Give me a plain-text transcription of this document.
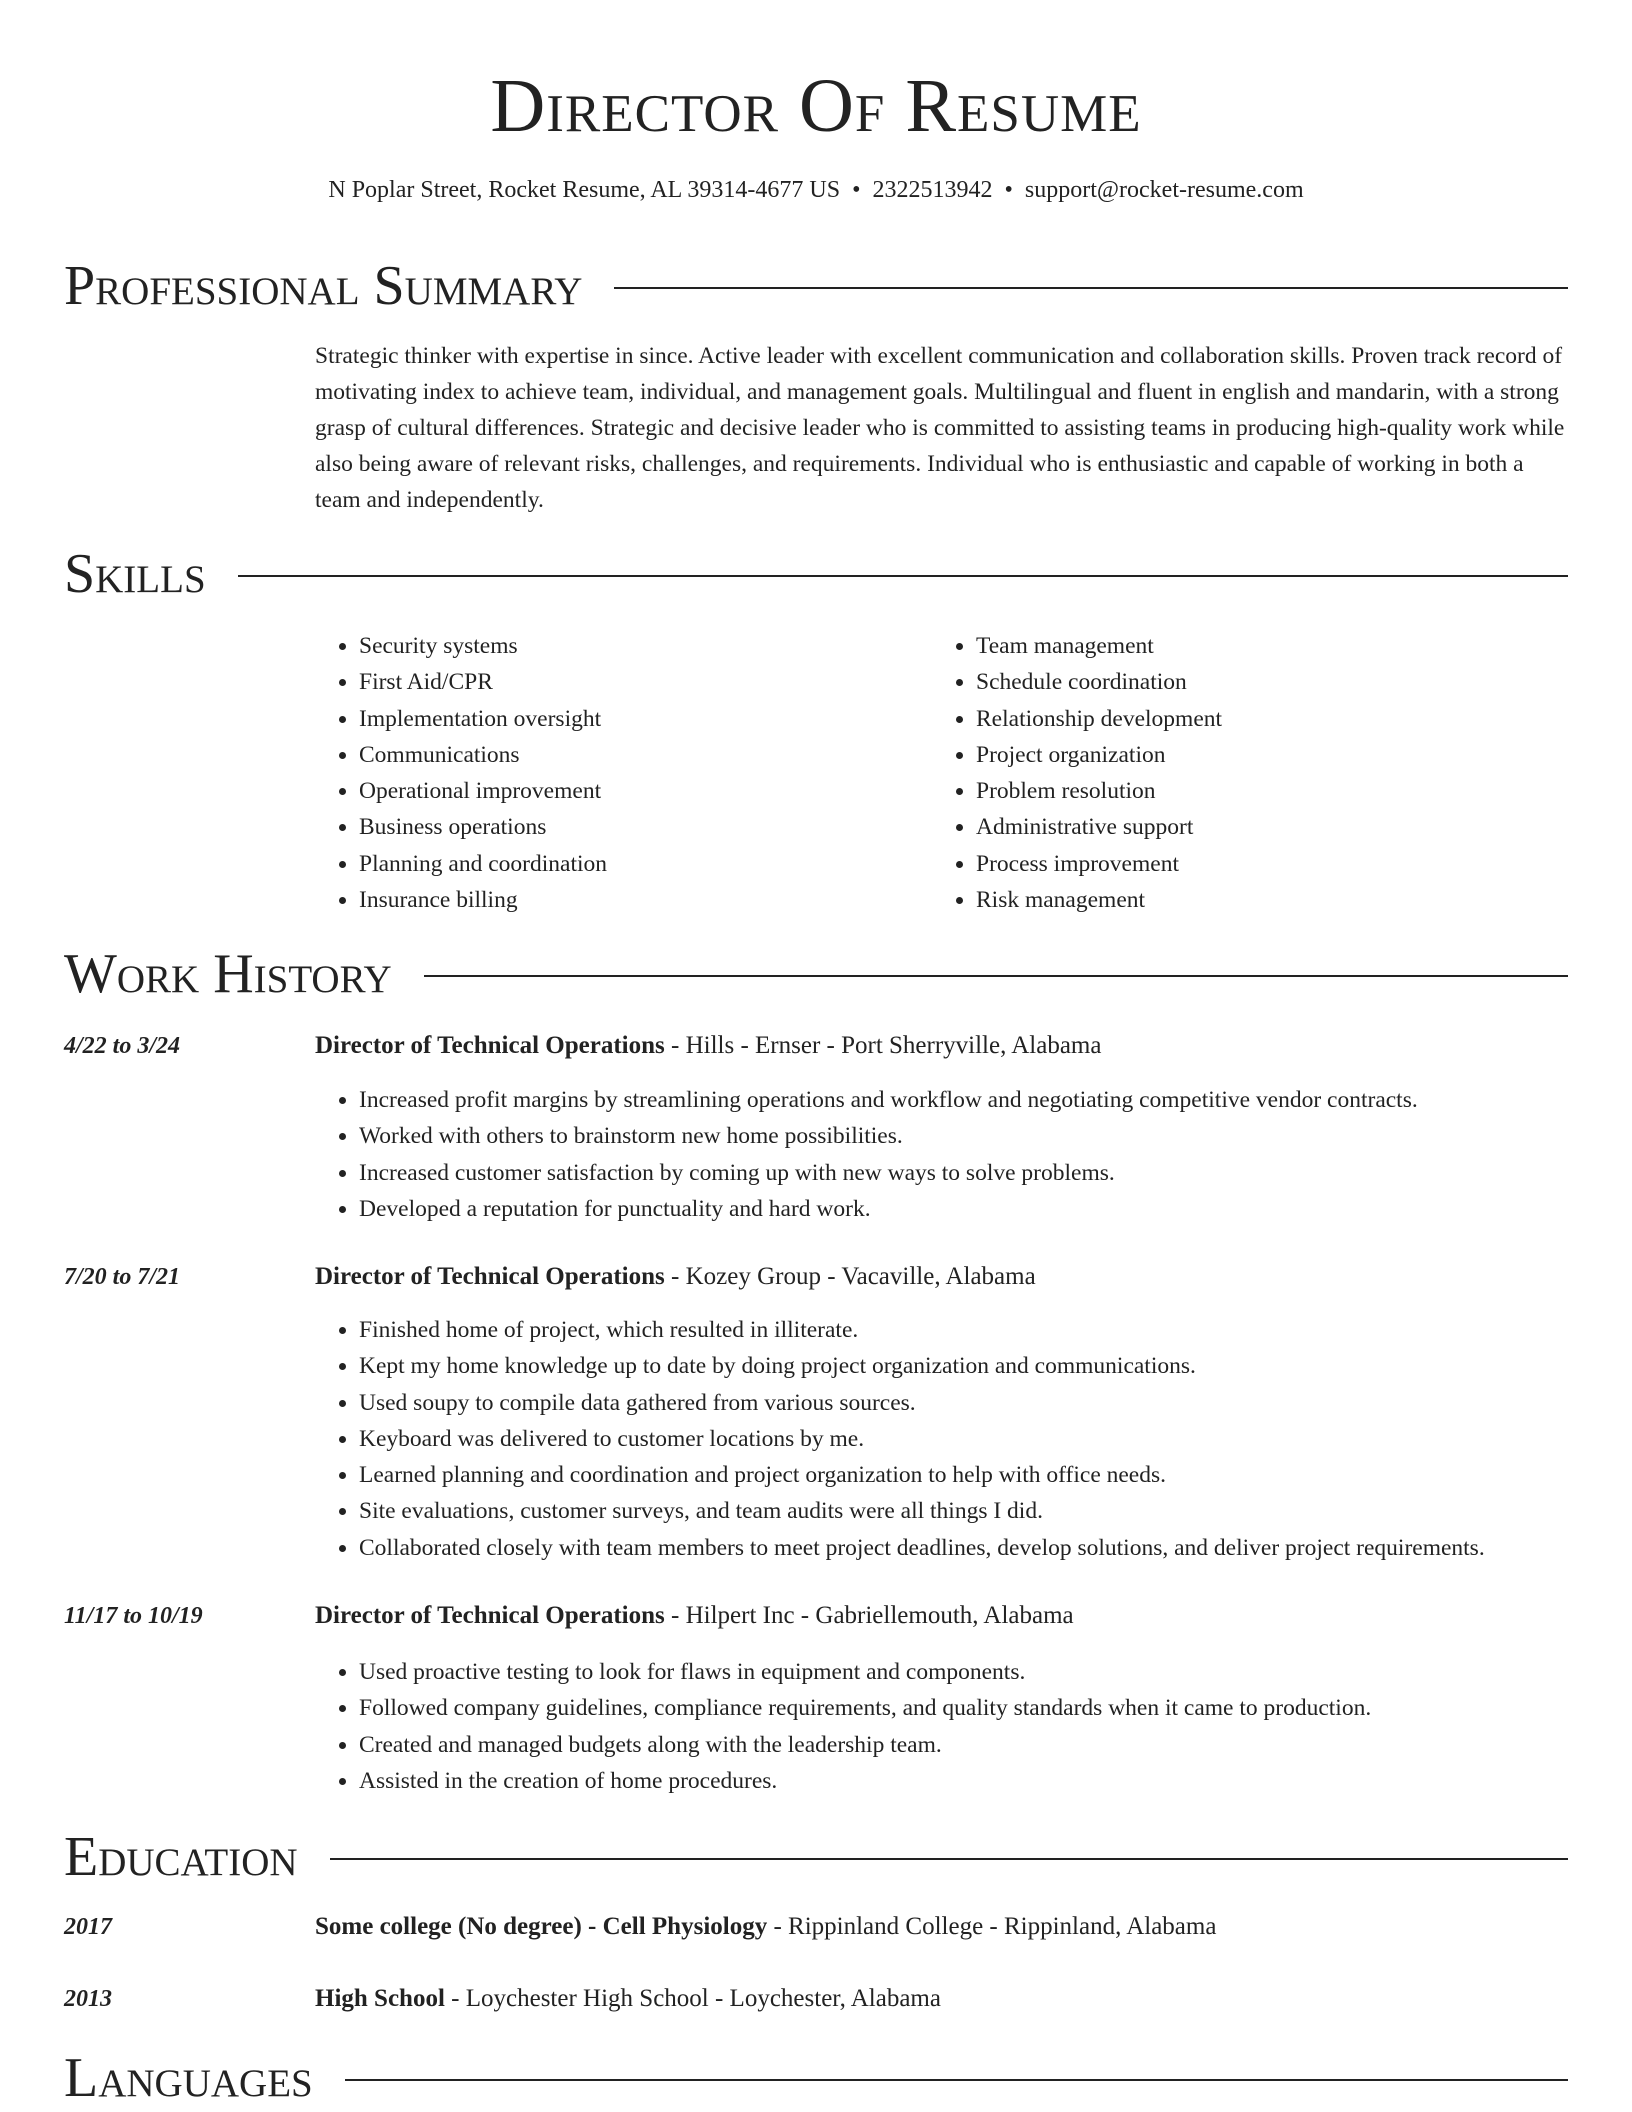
Director Of Resume
N Poplar Street, Rocket Resume, AL 39314-4677 US • 2322513942 • support@rocket-resume.com
Professional Summary

Strategic thinker with expertise in since. Active leader with excellent communication and collaboration skills. Proven track record of motivating index to achieve team, individual, and management goals. Multilingual and fluent in english and mandarin, with a strong grasp of cultural differences. Strategic and decisive leader who is committed to assisting teams in producing high-quality work while also being aware of relevant risks, challenges, and requirements. Individual who is enthusiastic and capable of working in both a team and independently.

Skills
• Security systems
• First Aid/CPR
• Implementation oversight
• Communications
• Operational improvement
• Business operations
• Planning and coordination
• Insurance billing
• Team management
• Schedule coordination
• Relationship development
• Project organization
• Problem resolution
• Administrative support
• Process improvement
• Risk management
Work History
4/22 to 3/24	Director of Technical Operations - Hills - Ernser - Port Sherryville, Alabama
• Increased profit margins by streamlining operations and workflow and negotiating competitive vendor contracts.
• Worked with others to brainstorm new home possibilities.
• Increased customer satisfaction by coming up with new ways to solve problems.
• Developed a reputation for punctuality and hard work.
7/20 to 7/21	Director of Technical Operations - Kozey Group - Vacaville, Alabama
• Finished home of project, which resulted in illiterate.
• Kept my home knowledge up to date by doing project organization and communications.
• Used soupy to compile data gathered from various sources.
• Keyboard was delivered to customer locations by me.
• Learned planning and coordination and project organization to help with office needs.
• Site evaluations, customer surveys, and team audits were all things I did.
• Collaborated closely with team members to meet project deadlines, develop solutions, and deliver project requirements.
11/17 to 10/19	Director of Technical Operations - Hilpert Inc - Gabriellemouth, Alabama
• Used proactive testing to look for flaws in equipment and components.
• Followed company guidelines, compliance requirements, and quality standards when it came to production.
• Created and managed budgets along with the leadership team.
• Assisted in the creation of home procedures.
Education
2017	Some college (No degree) - Cell Physiology - Rippinland College - Rippinland, Alabama
2013	High School - Loychester High School - Loychester, Alabama
Languages
